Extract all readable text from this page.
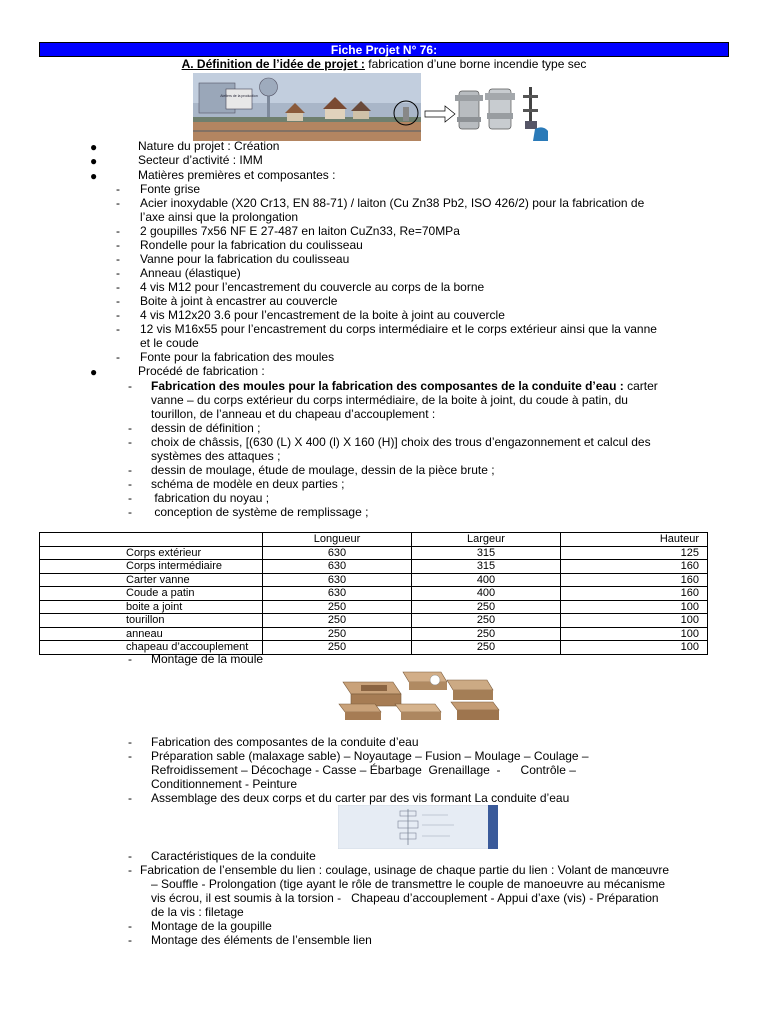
Fiche Projet N° 76:
A. Définition de l’idée de projet : fabrication d’une borne incendie type sec
Ateliers de la production
●	Nature du projet : Création
●	Secteur d’activité : IMM
●	Matières premières et composantes :
- Fonte grise
- Acier inoxydable (X20 Cr13, EN 88-71) / laiton (Cu Zn38 Pb2, ISO 426/2) pour la fabrication de
l’axe ainsi que la prolongation
- 2 goupilles 7x56 NF E 27-487 en laiton CuZn33, Re=70MPa
- Rondelle pour la fabrication du coulisseau
- Vanne pour la fabrication du coulisseau
- Anneau (élastique)
- 4 vis M12 pour l’encastrement du couvercle au corps de la borne
- Boite à joint à encastrer au couvercle
- 4 vis M12x20 3.6 pour l’encastrement de la boite à joint au couvercle
- 12 vis M16x55 pour l’encastrement du corps intermédiaire et le corps extérieur ainsi que la vanne
et le coude
- Fonte pour la fabrication des moules
●	Procédé de fabrication :
- Fabrication des moules pour la fabrication des composantes de la conduite d’eau : carter
vanne – du corps extérieur du corps intermédiaire, de la boite à joint, du coude à patin, du
tourillon, de l’anneau et du chapeau d’accouplement :
- dessin de définition ;
- choix de châssis, [(630 (L) X 400 (l) X 160 (H)] choix des trous d’engazonnement et calcul des
systèmes des attaques ;
- dessin de moulage, étude de moulage, dessin de la pièce brute ;
- schéma de modèle en deux parties ;
- fabrication du noyau ;
- conception de système de remplissage ;
	Longueur	Largeur	Hauteur
Corps extérieur	630	315	125
Corps intermédiaire	630	315	160
Carter vanne	630	400	160
Coude a patin	630	400	160
boite a joint	250	250	100
tourillon	250	250	100
anneau	250	250	100
chapeau d’accouplement	250	250	100
- Montage de la moule
- Fabrication des composantes de la conduite d’eau
- Préparation sable (malaxage sable) – Noyautage – Fusion – Moulage – Coulage –
Refroidissement – Décochage - Casse – Ébarbage  Grenaillage  -      Contrôle –
Conditionnement - Peinture
- Assemblage des deux corps et du carter par des vis formant La conduite d’eau
- Caractéristiques de la conduite
- Fabrication de l’ensemble du lien : coulage, usinage de chaque partie du lien : Volant de manœuvre
– Souffle - Prolongation (tige ayant le rôle de transmettre le couple de manoeuvre au mécanisme
vis écrou, il est soumis à la torsion -   Chapeau d’accouplement - Appui d’axe (vis) - Préparation
de la vis : filetage
- Montage de la goupille
- Montage des éléments de l’ensemble lien
